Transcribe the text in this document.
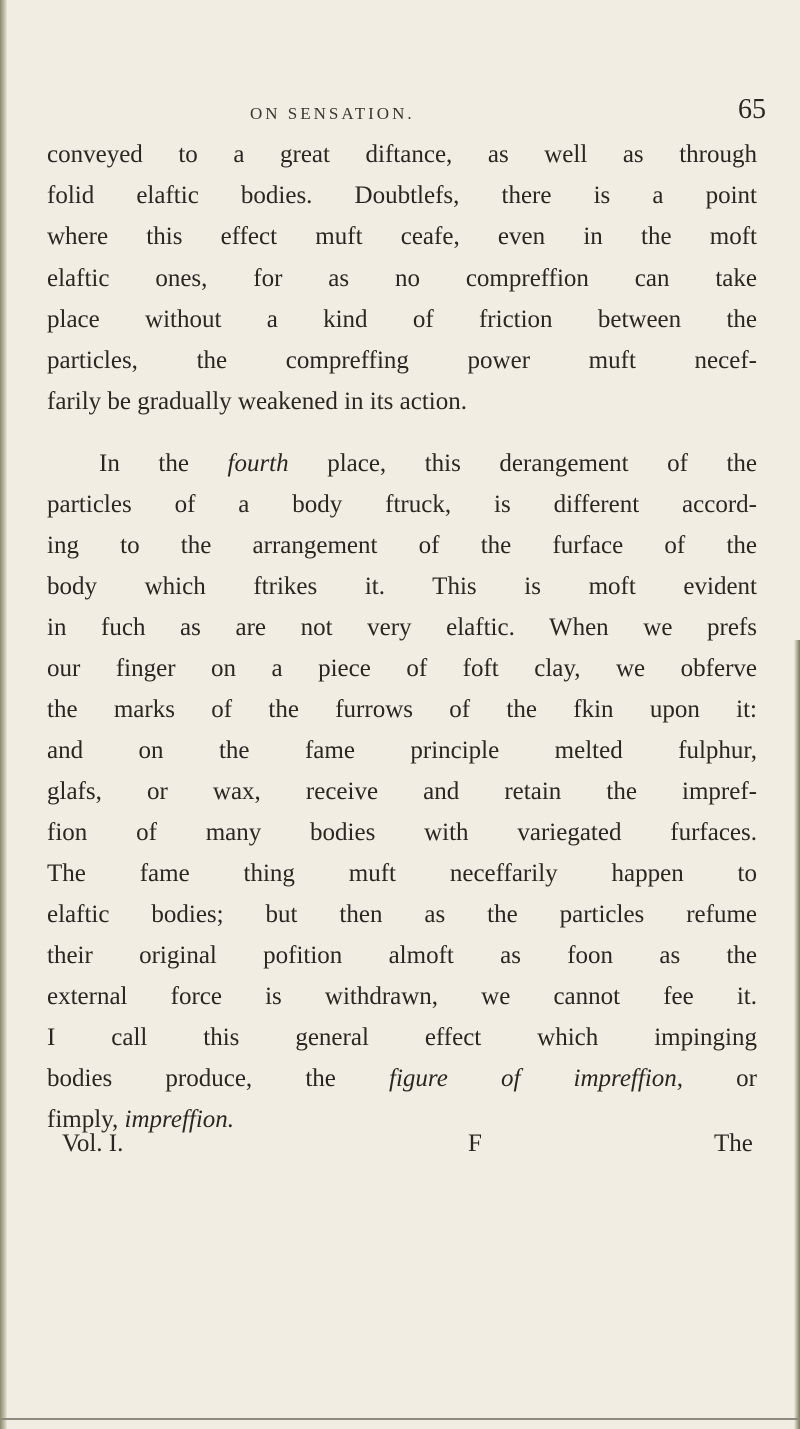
ON SENSATION.	65
conveyed to a great diftance, as well as through
folid elaftic bodies. Doubtlefs, there is a point
where this effect muft ceafe, even in the moft
elaftic ones, for as no compreffion can take
place without a kind of friction between the
particles, the compreffing power muft necef-
farily be gradually weakened in its action.
In the fourth place, this derangement of the
particles of a body ftruck, is different accord-
ing to the arrangement of the furface of the
body which ftrikes it. This is moft evident
in fuch as are not very elaftic. When we prefs
our finger on a piece of foft clay, we obferve
the marks of the furrows of the fkin upon it:
and on the fame principle melted fulphur,
glafs, or wax, receive and retain the impref-
fion of many bodies with variegated furfaces.
The fame thing muft neceffarily happen to
elaftic bodies; but then as the particles refume
their original pofition almoft as foon as the
external force is withdrawn, we cannot fee it.
I call this general effect which impinging
bodies produce, the figure of impreffion, or
fimply, impreffion.
Vol. I.	F	The
